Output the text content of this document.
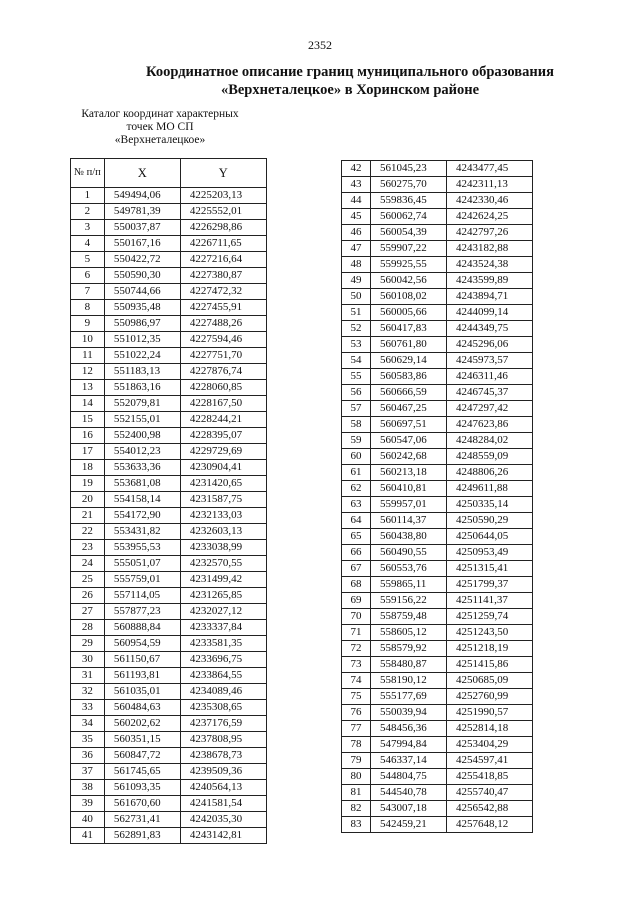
2352
Координатное описание границ муниципального образования
«Верхнеталецкое» в Хоринском районе
Каталог координат характерных
точек МО СП
«Верхнеталецкое»
№ п/п	X	Y
1	549494,06	4225203,13
2	549781,39	4225552,01
3	550037,87	4226298,86
4	550167,16	4226711,65
5	550422,72	4227216,64
6	550590,30	4227380,87
7	550744,66	4227472,32
8	550935,48	4227455,91
9	550986,97	4227488,26
10	551012,35	4227594,46
11	551022,24	4227751,70
12	551183,13	4227876,74
13	551863,16	4228060,85
14	552079,81	4228167,50
15	552155,01	4228244,21
16	552400,98	4228395,07
17	554012,23	4229729,69
18	553633,36	4230904,41
19	553681,08	4231420,65
20	554158,14	4231587,75
21	554172,90	4232133,03
22	553431,82	4232603,13
23	553955,53	4233038,99
24	555051,07	4232570,55
25	555759,01	4231499,42
26	557114,05	4231265,85
27	557877,23	4232027,12
28	560888,84	4233337,84
29	560954,59	4233581,35
30	561150,67	4233696,75
31	561193,81	4233864,55
32	561035,01	4234089,46
33	560484,63	4235308,65
34	560202,62	4237176,59
35	560351,15	4237808,95
36	560847,72	4238678,73
37	561745,65	4239509,36
38	561093,35	4240564,13
39	561670,60	4241581,54
40	562731,41	4242035,30
41	562891,83	4243142,81
42	561045,23	4243477,45
43	560275,70	4242311,13
44	559836,45	4242330,46
45	560062,74	4242624,25
46	560054,39	4242797,26
47	559907,22	4243182,88
48	559925,55	4243524,38
49	560042,56	4243599,89
50	560108,02	4243894,71
51	560005,66	4244099,14
52	560417,83	4244349,75
53	560761,80	4245296,06
54	560629,14	4245973,57
55	560583,86	4246311,46
56	560666,59	4246745,37
57	560467,25	4247297,42
58	560697,51	4247623,86
59	560547,06	4248284,02
60	560242,68	4248559,09
61	560213,18	4248806,26
62	560410,81	4249611,88
63	559957,01	4250335,14
64	560114,37	4250590,29
65	560438,80	4250644,05
66	560490,55	4250953,49
67	560553,76	4251315,41
68	559865,11	4251799,37
69	559156,22	4251141,37
70	558759,48	4251259,74
71	558605,12	4251243,50
72	558579,92	4251218,19
73	558480,87	4251415,86
74	558190,12	4250685,09
75	555177,69	4252760,99
76	550039,94	4251990,57
77	548456,36	4252814,18
78	547994,84	4253404,29
79	546337,14	4254597,41
80	544804,75	4255418,85
81	544540,78	4255740,47
82	543007,18	4256542,88
83	542459,21	4257648,12
